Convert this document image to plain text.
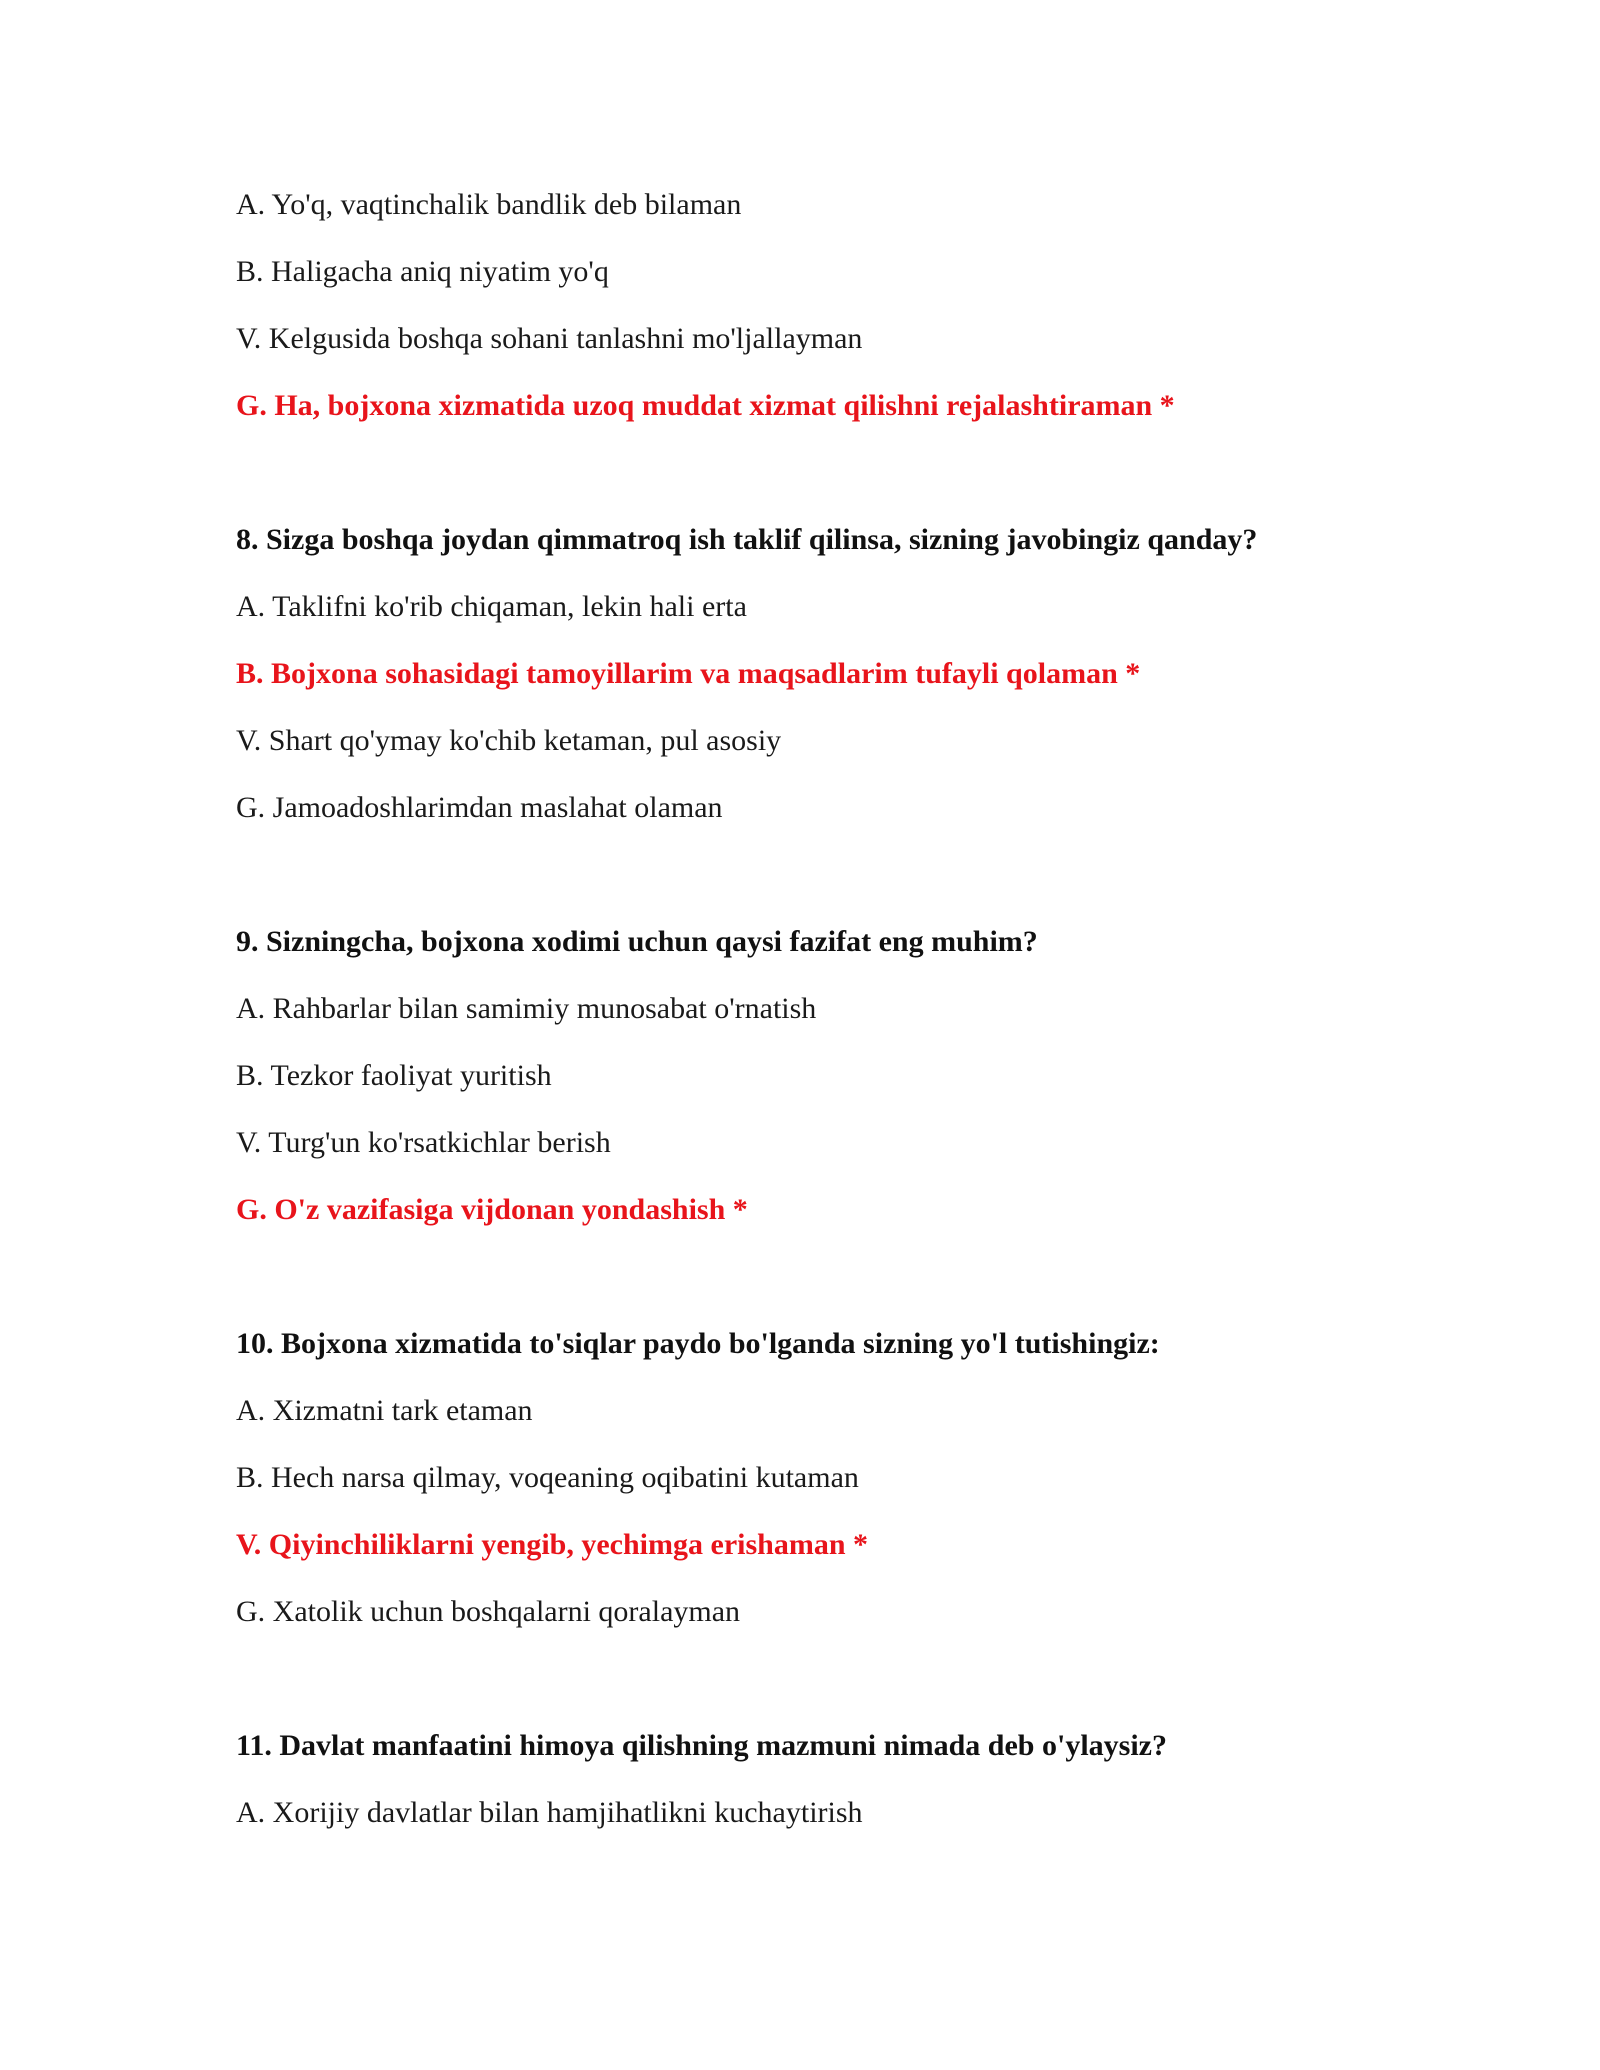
A. Yo'q, vaqtinchalik bandlik deb bilaman
B. Haligacha aniq niyatim yo'q
V. Kelgusida boshqa sohani tanlashni mo'ljallayman
G. Ha, bojxona xizmatida uzoq muddat xizmat qilishni rejalashtiraman *
8. Sizga boshqa joydan qimmatroq ish taklif qilinsa, sizning javobingiz qanday?
A. Taklifni ko'rib chiqaman, lekin hali erta
B. Bojxona sohasidagi tamoyillarim va maqsadlarim tufayli qolaman *
V. Shart qo'ymay ko'chib ketaman, pul asosiy
G. Jamoadoshlarimdan maslahat olaman
9. Sizningcha, bojxona xodimi uchun qaysi fazifat eng muhim?
A. Rahbarlar bilan samimiy munosabat o'rnatish
B. Tezkor faoliyat yuritish
V. Turg'un ko'rsatkichlar berish
G. O'z vazifasiga vijdonan yondashish *
10. Bojxona xizmatida to'siqlar paydo bo'lganda sizning yo'l tutishingiz:
A. Xizmatni tark etaman
B. Hech narsa qilmay, voqeaning oqibatini kutaman
V. Qiyinchiliklarni yengib, yechimga erishaman *
G. Xatolik uchun boshqalarni qoralayman
11. Davlat manfaatini himoya qilishning mazmuni nimada deb o'ylaysiz?
A. Xorijiy davlatlar bilan hamjihatlikni kuchaytirish
